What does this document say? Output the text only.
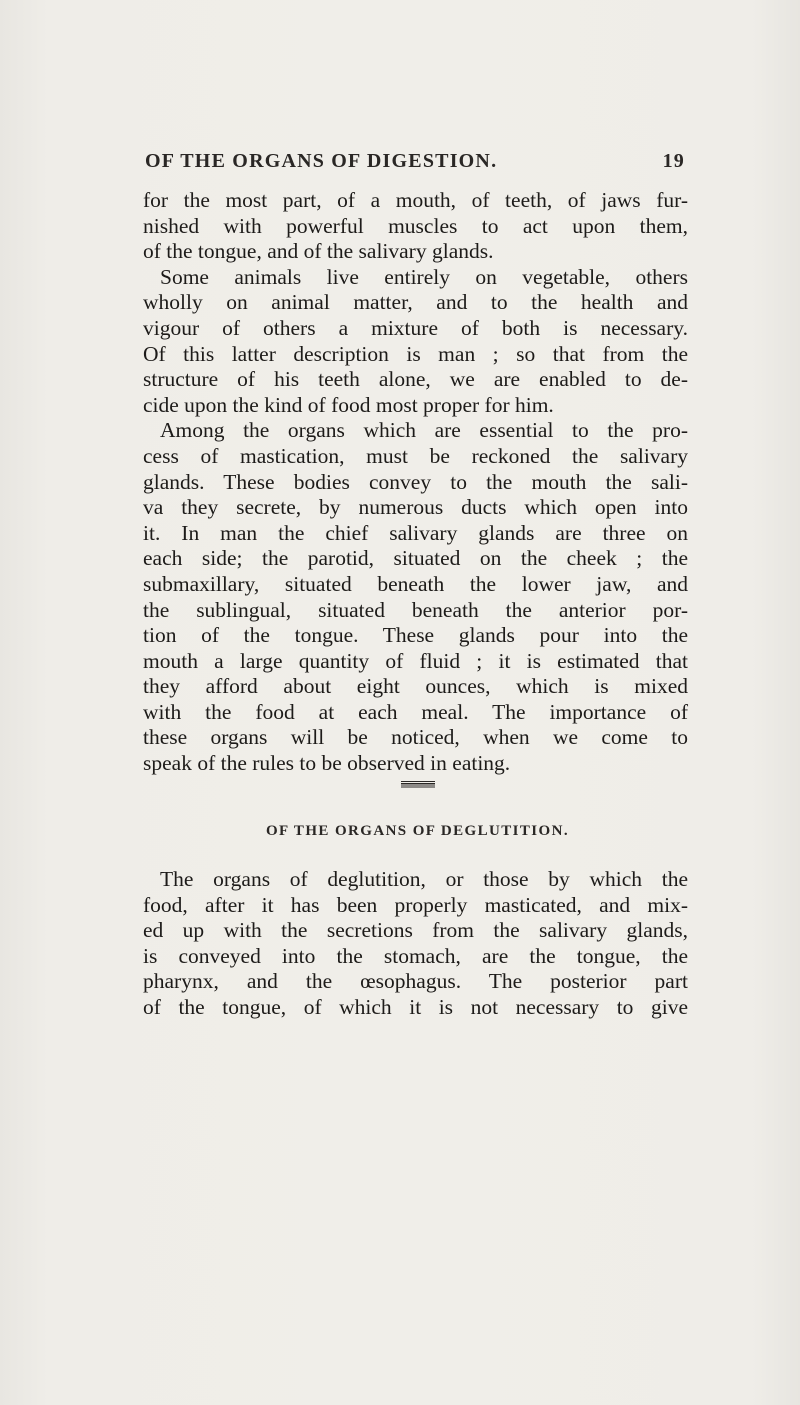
OF THE ORGANS OF DIGESTION.	19
for the most part, of a mouth, of teeth, of jaws fur-
nished with powerful muscles to act upon them,
of the tongue, and of the salivary glands.
Some animals live entirely on vegetable, others
wholly on animal matter, and to the health and
vigour of others a mixture of both is necessary.
Of this latter description is man ; so that from the
structure of his teeth alone, we are enabled to de-
cide upon the kind of food most proper for him.
Among the organs which are essential to the pro-
cess of mastication, must be reckoned the salivary
glands. These bodies convey to the mouth the sali-
va they secrete, by numerous ducts which open into
it. In man the chief salivary glands are three on
each side; the parotid, situated on the cheek ; the
submaxillary, situated beneath the lower jaw, and
the sublingual, situated beneath the anterior por-
tion of the tongue. These glands pour into the
mouth a large quantity of fluid ; it is estimated that
they afford about eight ounces, which is mixed
with the food at each meal. The importance of
these organs will be noticed, when we come to
speak of the rules to be observed in eating.
OF THE ORGANS OF DEGLUTITION.
The organs of deglutition, or those by which the
food, after it has been properly masticated, and mix-
ed up with the secretions from the salivary glands,
is conveyed into the stomach, are the tongue, the
pharynx, and the œsophagus. The posterior part
of the tongue, of which it is not necessary to give
